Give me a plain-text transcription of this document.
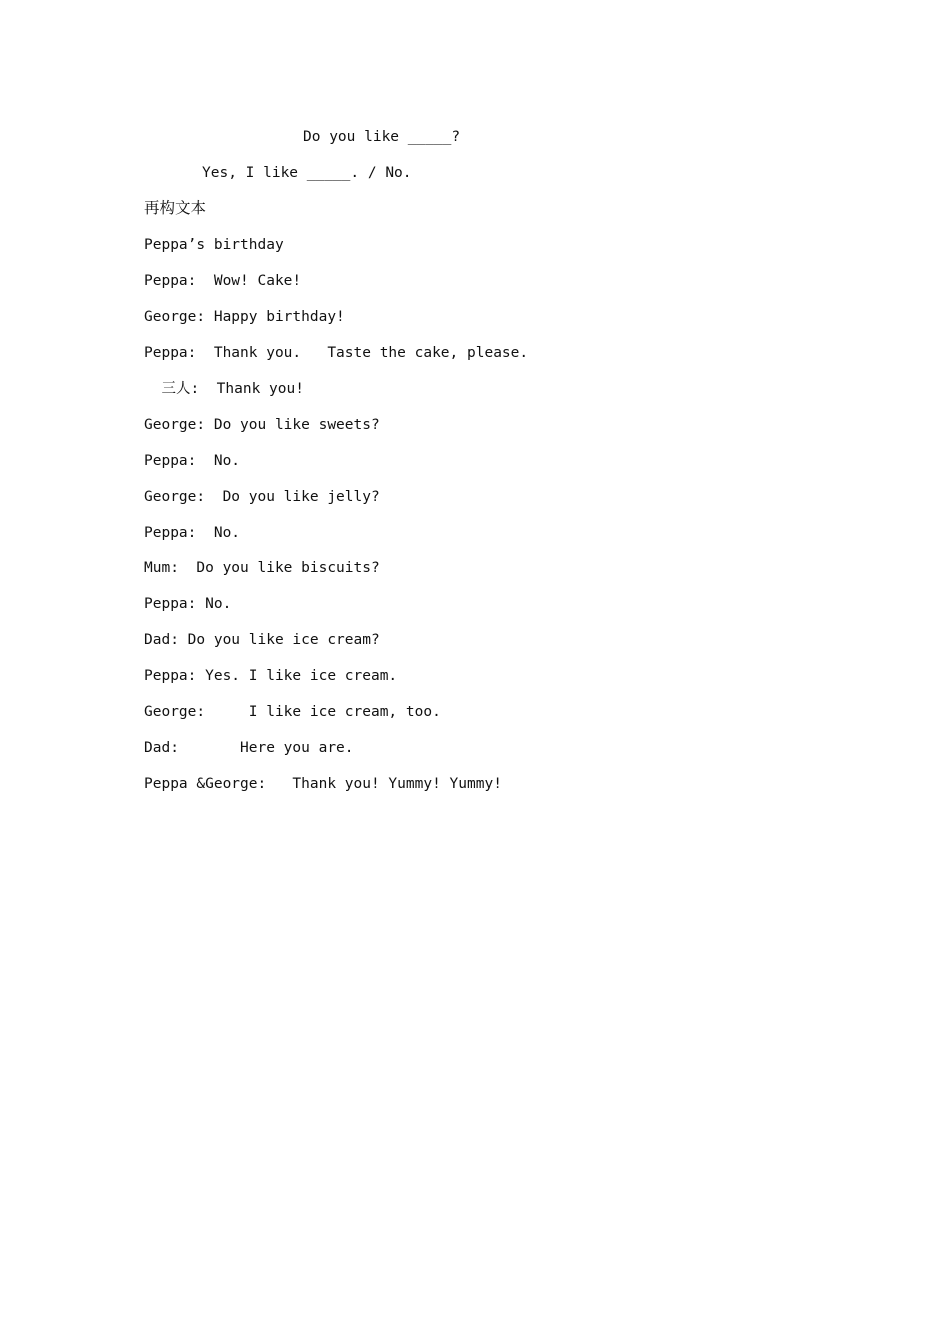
Do you like _____?
Yes, I like _____. / No.
再构文本
Peppa’s birthday
Peppa:  Wow! Cake!
George: Happy birthday!
Peppa:  Thank you.   Taste the cake, please.
三人:  Thank you!
George: Do you like sweets?
Peppa:  No.
George:  Do you like jelly?
Peppa:  No.
Mum:  Do you like biscuits?
Peppa: No.
Dad: Do you like ice cream?
Peppa: Yes. I like ice cream.
George:     I like ice cream, too.
Dad:       Here you are.
Peppa &George:   Thank you! Yummy! Yummy!
